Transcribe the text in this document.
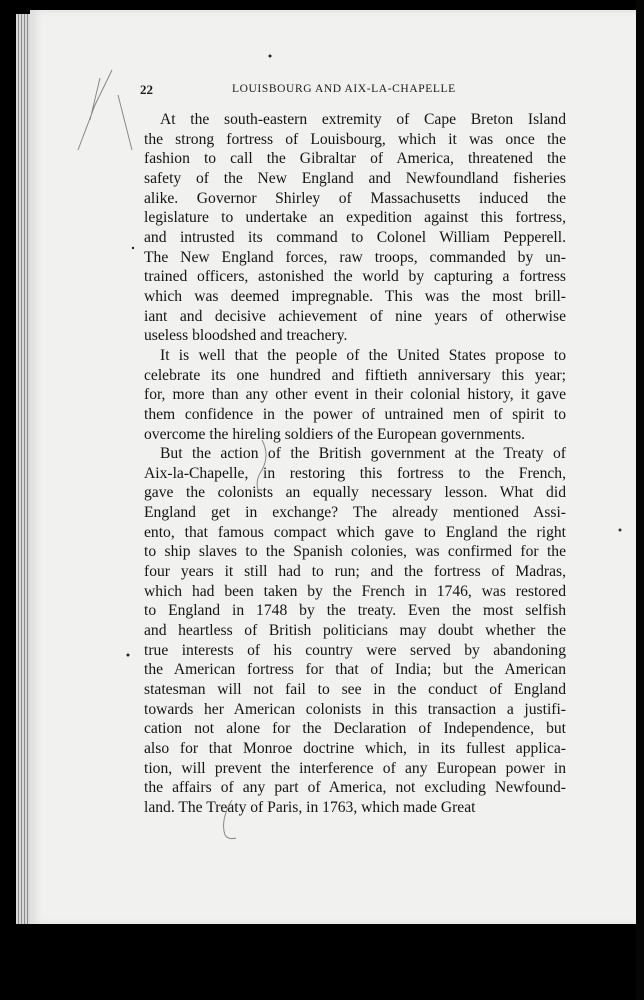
22	LOUISBOURG AND AIX-LA-CHAPELLE
At the south-eastern extremity of Cape Breton Island
the strong fortress of Louisbourg, which it was once the
fashion to call the Gibraltar of America, threatened the
safety of the New England and Newfoundland fisheries
alike. Governor Shirley of Massachusetts induced the
legislature to undertake an expedition against this fortress,
and intrusted its command to Colonel William Pepperell.
The New England forces, raw troops, commanded by un-
trained officers, astonished the world by capturing a fortress
which was deemed impregnable. This was the most brill-
iant and decisive achievement of nine years of otherwise
useless bloodshed and treachery.
It is well that the people of the United States propose to
celebrate its one hundred and fiftieth anniversary this year;
for, more than any other event in their colonial history, it gave
them confidence in the power of untrained men of spirit to
overcome the hireling soldiers of the European governments.
But the action of the British government at the Treaty of
Aix-la-Chapelle, in restoring this fortress to the French,
gave the colonists an equally necessary lesson. What did
England get in exchange? The already mentioned Assi-
ento, that famous compact which gave to England the right
to ship slaves to the Spanish colonies, was confirmed for the
four years it still had to run; and the fortress of Madras,
which had been taken by the French in 1746, was restored
to England in 1748 by the treaty. Even the most selfish
and heartless of British politicians may doubt whether the
true interests of his country were served by abandoning
the American fortress for that of India; but the American
statesman will not fail to see in the conduct of England
towards her American colonists in this transaction a justifi-
cation not alone for the Declaration of Independence, but
also for that Monroe doctrine which, in its fullest applica-
tion, will prevent the interference of any European power in
the affairs of any part of America, not excluding Newfound-
land. The Treaty of Paris, in 1763, which made Great
